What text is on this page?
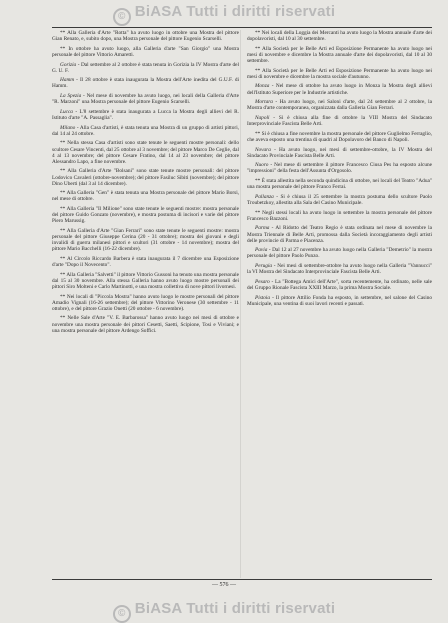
© BiASA Tutti i diritti riservati

** Alla Galleria d'Arte "Rotta" ha avuto luogo in ottobre una Mostra del pittore Gian Renato, e, subito dopo, una Mostra personale del pittore Eugenio Scarselli.

** In ottobre ha avuto luogo, alla Galleria d'arte "San Giorgio" una Mostra personale del pittore Vittorio Amaretti.

Gorizia - Dal settembre al 2 ottobre è stata tenuta in Gorizia la IV Mostra d'arte del G. U. F.

Hamm - Il 28 ottobre è stata inaugurata la Mostra dell'Arte inedita del G.U.F. di Hamm.

La Spezia - Nel mese di novembre ha avuto luogo, nei locali della Galleria d'Arte "R. Marzoni" una Mostra personale del pittore Eugenio Scarselli.

Lucca - L'8 settembre è stata inaugurata a Lucca la Mostra degli allievi del R. Istituto d'arte "A. Passaglia".

Milano - Alla Casa d'artisti, è stata tenuta una Mostra di un gruppo di artisti pittori, dal 14 al 24 ottobre.

** Nella stessa Casa d'artisti sono state tenute le seguenti mostre personali: dello scultore Cesare Vincenti, dal 25 ottobre al 3 novembre; del pittore Marco De Ceglie, dal 4 al 13 novembre; del pittore Cesare Fratino, dal 14 al 23 novembre; del pittore Alessandro Lapo, a fine novembre.

** Alla Galleria d'Arte "Bolsani" sono state tenute mostre personali: del pittore Lodovico Cavaleri (ottobre-novembre); del pittore Fasiluc Sibiti (novembre); del pittore Dino Uberti (dal 3 al 14 dicembre).

** Alla Galleria "Gen" è stata tenuta una Mostra personale del pittore Mario Borsi, nel mese di ottobre.

** Alla Galleria "Il Milione" sono state tenute le seguenti mostre: mostra personale del pittore Guido Gonzato (novembre), e mostra postuma di incisori e varie del pittore Piero Marussig.

** Alla Galleria d'Arte "Gian Ferrari" sono state tenute le seguenti mostre: mostra personale del pittore Giuseppe Cerina (20 - 31 ottobre); mostra dei giovani e degli invalidi di guerra milanesi pittori e scultori (31 ottobre - 14 novembre); mostra del pittore Mario Bacchelli (16-22 dicembre).

** Al Circolo Riccardo Barbera è stata inaugurata il 7 dicembre una Esposizione d'arte "Dopo il Novecento".

** Alla Galleria "Salvetti" il pittore Vittorio Gussoni ha tenuto una mostra personale dal 15 al 30 novembre. Alla stessa Galleria hanno avuto luogo mostre personali dei pittori Siro Molteni e Carlo Martinotti, e una mostra collettiva di nove pittori livornesi.

** Nei locali di "Piccola Mostra" hanno avuto luogo le mostre personali del pittore Amadio Vignali (16-26 settembre); del pittore Vittorino Veronese (30 settembre - 11 ottobre), e del pittore Grazio Onetti (20 ottobre - 6 novembre).

** Nelle Sale d'Arte "V. E. Barbarossa" hanno avuto luogo nei mesi di ottobre e novembre una mostra personale dei pittori Cesetti, Saetti, Scipione, Tosi e Viviani; e una mostra personale del pittore Ardengo Soffici.

** Nei locali della Loggia dei Mercanti ha avuto luogo la Mostra annuale d'arte dei dopolavoristi, dal 10 al 30 settembre.

** Alla Società per le Belle Arti ed Esposizione Permanente ha avuto luogo nei mesi di novembre e dicembre la Mostra annuale d'arte dei dopolavoristi, dal 10 al 30 settembre.

** Alla Società per le Belle Arti ed Esposizione Permanente ha avuto luogo nei mesi di novembre e dicembre la mostra sociale d'autunno.

Monza - Nel mese di ottobre ha avuto luogo in Monza la Mostra degli allievi dell'Istituto Superiore per le Industrie artistiche.

Mortara - Ha avuto luogo, nei Saloni d'arte, dal 24 settembre al 2 ottobre, la Mostra d'arte contemporanea, organizzata dalla Galleria Gian Ferrari.

Napoli - Si è chiusa alla fine di ottobre la VIII Mostra del Sindacato Interprovinciale Fascista Belle Arti.

** Si è chiusa a fine novembre la mostra personale del pittore Guglielmo Ferraglio, che aveva esposto una trentina di quadri al Dopolavoro del Banco di Napoli.

Novara - Ha avuto luogo, nei mesi di settembre-ottobre, la IV Mostra del Sindacato Provinciale Fascista Belle Arti.

Nuoro - Nel mese di settembre il pittore Francesco Ciusa Pes ha esposto alcune "impressioni" della festa dell'Assunta d'Orgosolo.

** È stata allestita nella seconda quindicina di ottobre, nei locali del Teatro "Adua" una mostra personale del pittore Franco Ferrai.

Pallanza - Si è chiusa il 25 settembre la mostra postuma dello scultore Paolo Troubetzkoy, allestita alla Sala del Casino Municipale.

** Negli stessi locali ha avuto luogo in settembre la mostra personale del pittore Francesco Bazzoni.

Parma - Al Ridotto del Teatro Regio è stata ordinata nel mese di novembre la Mostra Triennale di Belle Arti, promossa dalla Società incoraggiamento degli artisti delle provincie di Parma e Piacenza.

Pavia - Dal 12 al 27 novembre ha avuto luogo nella Galleria "Demetrio" la mostra personale del pittore Paolo Punzo.

Perugia - Nei mesi di settembre-ottobre ha avuto luogo nella Galleria "Vannucci" la VI Mostra del Sindacato Interprovinciale Fascista Belle Arti.

Pesaro - La "Bottega Amici dell'Arte", sorta recentemente, ha ordinato, nelle sale del Gruppo Rionale Fascista XXIII Marzo, la prima Mostra Sociale.

Pistoia - Il pittore Attilio Fonda ha esposto, in settembre, nel salone del Casino Municipale, una ventina di suoi lavori recenti e passati.

— 576 —
© BiASA Tutti i diritti riservati
